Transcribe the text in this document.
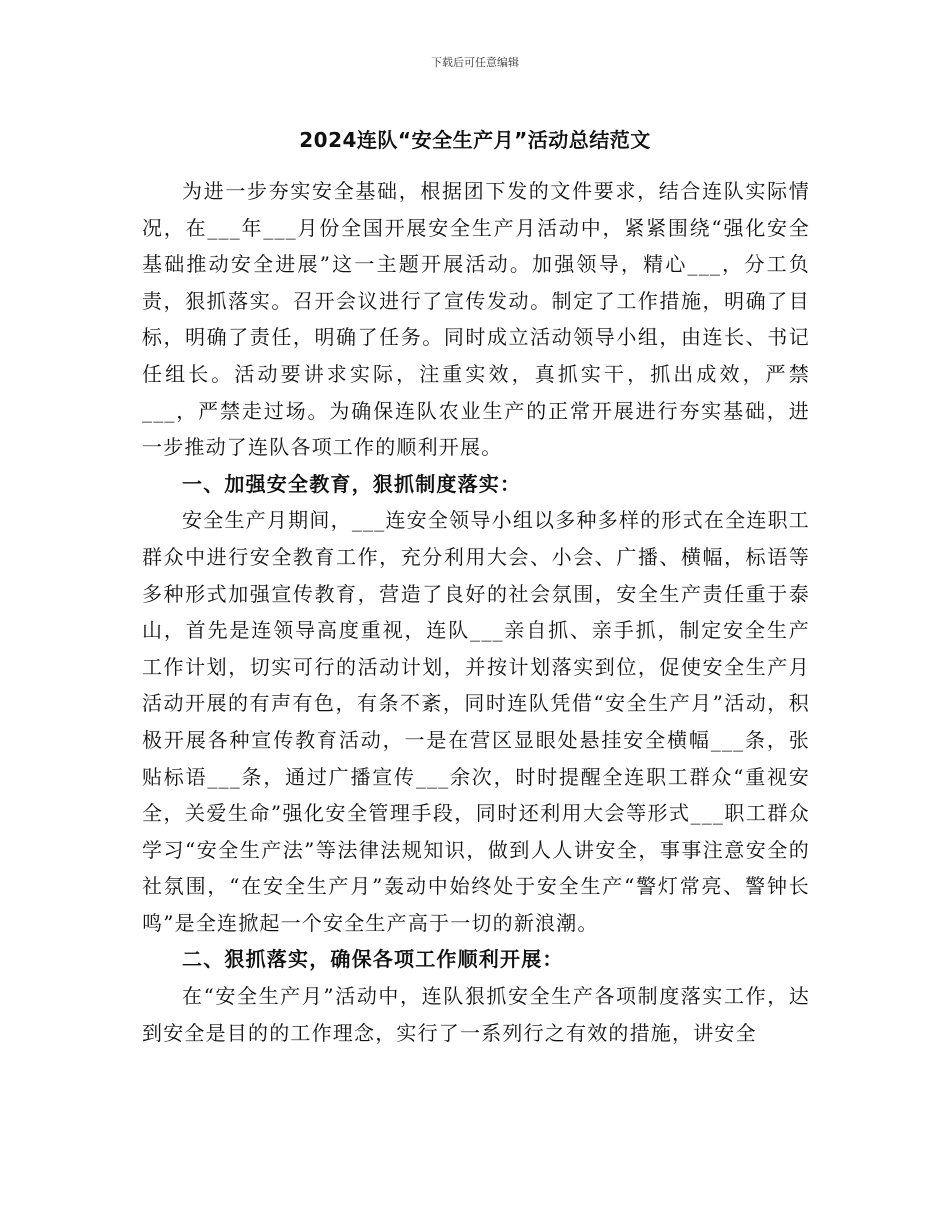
下载后可任意编辑
2024连队“安全生产月”活动总结范文

为进一步夯实安全基础，根据团下发的文件要求，结合连队实际情况，在___年___月份全国开展安全生产月活动中，紧紧围绕“强化安全基础推动安全进展”这一主题开展活动。加强领导，精心___，分工负责，狠抓落实。召开会议进行了宣传发动。制定了工作措施，明确了目标，明确了责任，明确了任务。同时成立活动领导小组，由连长、书记任组长。活动要讲求实际，注重实效，真抓实干，抓出成效，严禁___，严禁走过场。为确保连队农业生产的正常开展进行夯实基础，进一步推动了连队各项工作的顺利开展。

一、加强安全教育，狠抓制度落实：

安全生产月期间，___连安全领导小组以多种多样的形式在全连职工群众中进行安全教育工作，充分利用大会、小会、广播、横幅，标语等多种形式加强宣传教育，营造了良好的社会氛围，安全生产责任重于泰山，首先是连领导高度重视，连队___亲自抓、亲手抓，制定安全生产工作计划，切实可行的活动计划，并按计划落实到位，促使安全生产月活动开展的有声有色，有条不紊，同时连队凭借“安全生产月”活动，积极开展各种宣传教育活动，一是在营区显眼处悬挂安全横幅___条，张贴标语___条，通过广播宣传___余次，时时提醒全连职工群众“重视安全，关爱生命”强化安全管理手段，同时还利用大会等形式___职工群众学习“安全生产法”等法律法规知识，做到人人讲安全，事事注意安全的社氛围，“在安全生产月”轰动中始终处于安全生产“警灯常亮、警钟长鸣”是全连掀起一个安全生产高于一切的新浪潮。

二、狠抓落实，确保各项工作顺利开展：

在“安全生产月”活动中，连队狠抓安全生产各项制度落实工作，达到安全是目的的工作理念，实行了一系列行之有效的措施，讲安全
